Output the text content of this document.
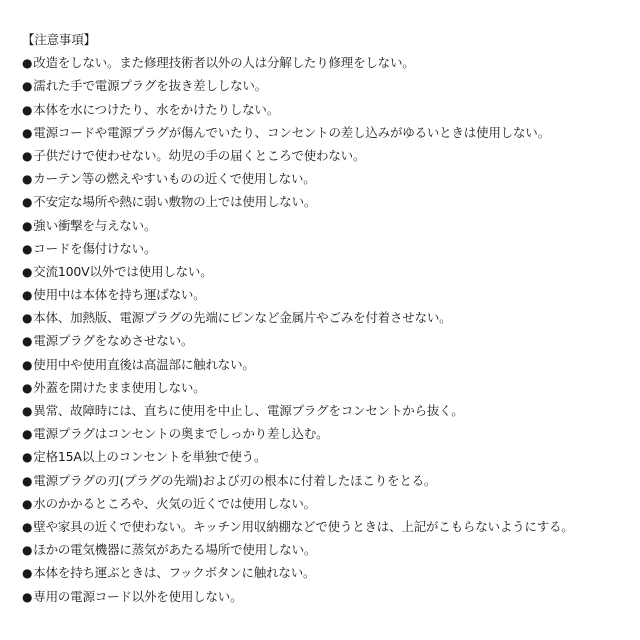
【注意事項】
●改造をしない。また修理技術者以外の人は分解したり修理をしない。
●濡れた手で電源プラグを抜き差ししない。
●本体を水につけたり、水をかけたりしない。
●電源コードや電源プラグが傷んでいたり、コンセントの差し込みがゆるいときは使用しない。
●子供だけで使わせない。幼児の手の届くところで使わない。
●カーテン等の燃えやすいものの近くで使用しない。
●不安定な場所や熱に弱い敷物の上では使用しない。
●強い衝撃を与えない。
●コードを傷付けない。
●交流100V以外では使用しない。
●使用中は本体を持ち運ばない。
●本体、加熱版、電源プラグの先端にピンなど金属片やごみを付着させない。
●電源プラグをなめさせない。
●使用中や使用直後は高温部に触れない。
●外蓋を開けたまま使用しない。
●異常、故障時には、直ちに使用を中止し、電源プラグをコンセントから抜く。
●電源プラグはコンセントの奥までしっかり差し込む。
●定格15A以上のコンセントを単独で使う。
●電源プラグの刃(プラグの先端)および刃の根本に付着したほこりをとる。
●水のかかるところや、火気の近くでは使用しない。
●壁や家具の近くで使わない。キッチン用収納棚などで使うときは、上記がこもらないようにする。
●ほかの電気機器に蒸気があたる場所で使用しない。
●本体を持ち運ぶときは、フックボタンに触れない。
●専用の電源コード以外を使用しない。
